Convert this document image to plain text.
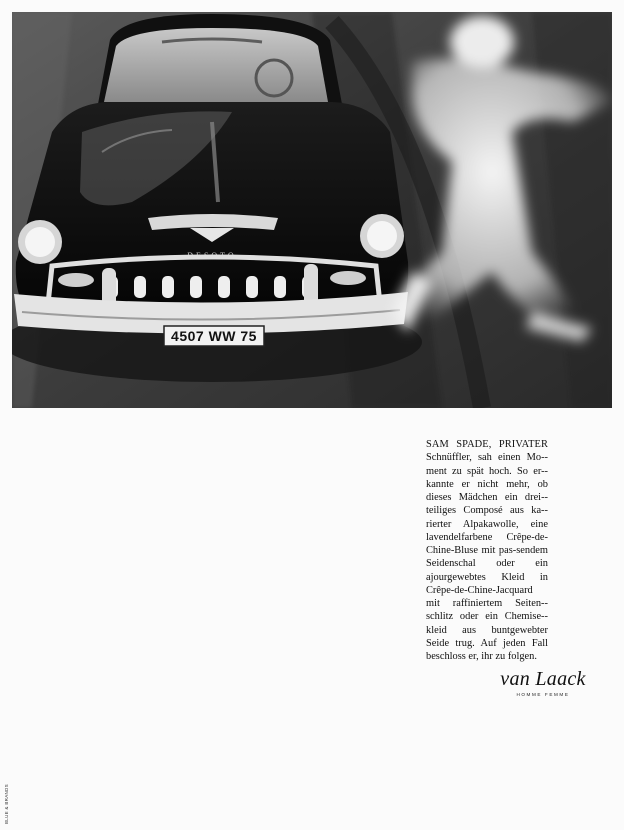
DESOTO
4507 WW 75
SAM SPADE, PRIVATER Schnüffler, sah einen Mo-ment zu spät hoch. So er-kannte er nicht mehr, ob dieses Mädchen ein drei-teiliges Composé aus ka-rierter Alpakawolle, eine lavendelfarbene Crêpe-de-Chine-Bluse mit pas-sendem Seidenschal oder ein ajourgewebtes Kleid in Crêpe-de-Chine-Jacquard mit raffiniertem Seiten-schlitz oder ein Chemise-kleid aus buntgewebter Seide trug. Auf jeden Fall beschloss er, ihr zu folgen.
van Laack
HOMME FEMME
BLUE & BRANDS
